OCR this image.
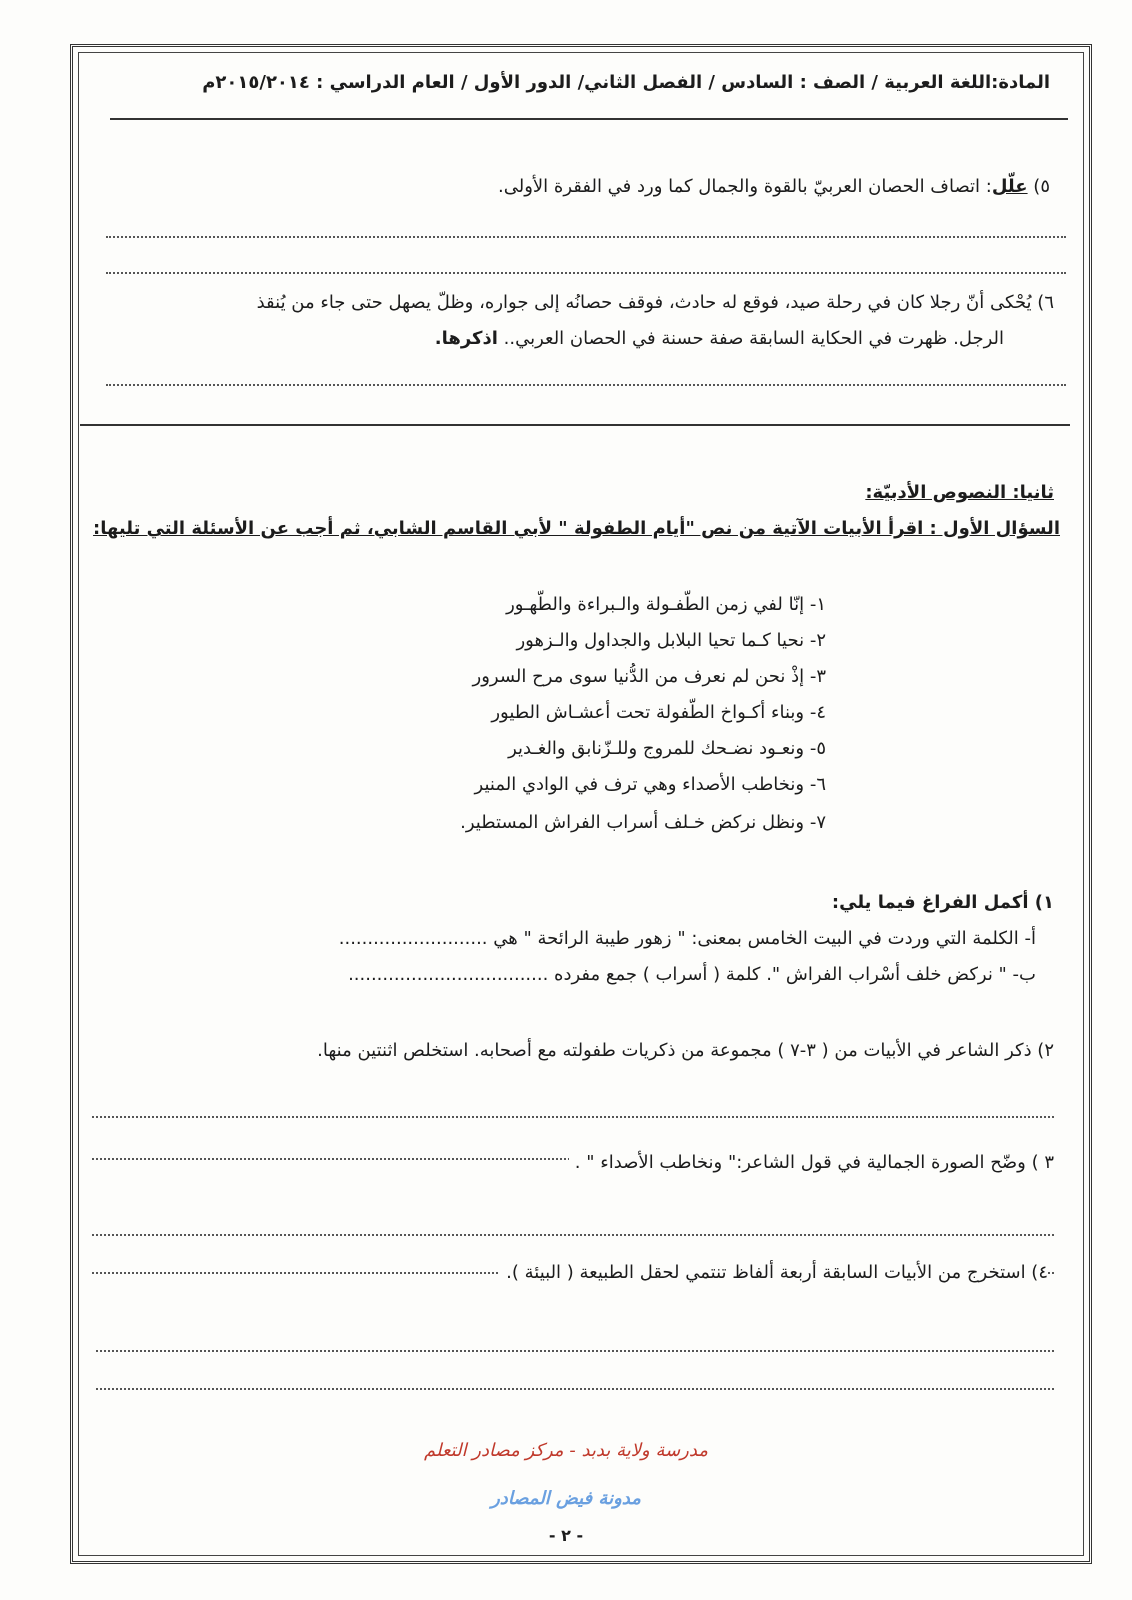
المادة:اللغة العربية / الصف : السادس / الفصل الثاني/ الدور الأول / العام الدراسي : ٢٠١٥/٢٠١٤م
٥) علّل: اتصاف الحصان العربيّ بالقوة والجمال كما ورد في الفقرة الأولى.
٦) يُحْكى أنّ رجلا كان في رحلة صيد، فوقع له حادث، فوقف حصانُه إلى جواره، وظلّ يصهل حتى جاء من يُنقذ
الرجل. ظهرت في الحكاية السابقة صفة حسنة في الحصان العربي.. اذكرها.
ثانيا: النصوص الأدبيّة:
السؤال الأول : اقرأ الأبيات الآتية من نص "أيام الطفولة " لأبي القاسم الشابي، ثم أجب عن الأسئلة التي تليها:
١- إنّا لفي زمن الطّفـولة والـبراءة والطّهـور
٢- نحيا كـما تحيا البلابل والجداول والـزهور
٣- إذْ نحن لم نعرف من الدُّنيا سوى مرح السرور
٤- وبناء أكـواخ الطّفولة تحت أعشـاش الطيور
٥- ونعـود نضـحك للمروج وللـزّنابق والغـدير
٦- ونخاطب الأصداء وهي ترف في الوادي المنير
٧- ونظل نركض خـلف أسراب الفراش المستطير.
١) أكمل الفراغ فيما يلي:
أ- الكلمة التي وردت في البيت الخامس بمعنى: " زهور طيبة الرائحة " هي ..........................
ب- " نركض خلف أسْراب الفراش ". كلمة ( أسراب ) جمع مفرده ...................................
٢) ذكر الشاعر في الأبيات من ( ٣-٧ ) مجموعة من ذكريات طفولته مع أصحابه. استخلص اثنتين منها.
٣ ) وضّح الصورة الجمالية في قول الشاعر:" ونخاطب الأصداء " .
٤) استخرج من الأبيات السابقة أربعة ألفاظ تنتمي لحقل الطبيعة ( البيئة ).
مدرسة ولاية بدبد - مركز مصادر التعلم
مدونة فيض المصادر
- ٢ -
